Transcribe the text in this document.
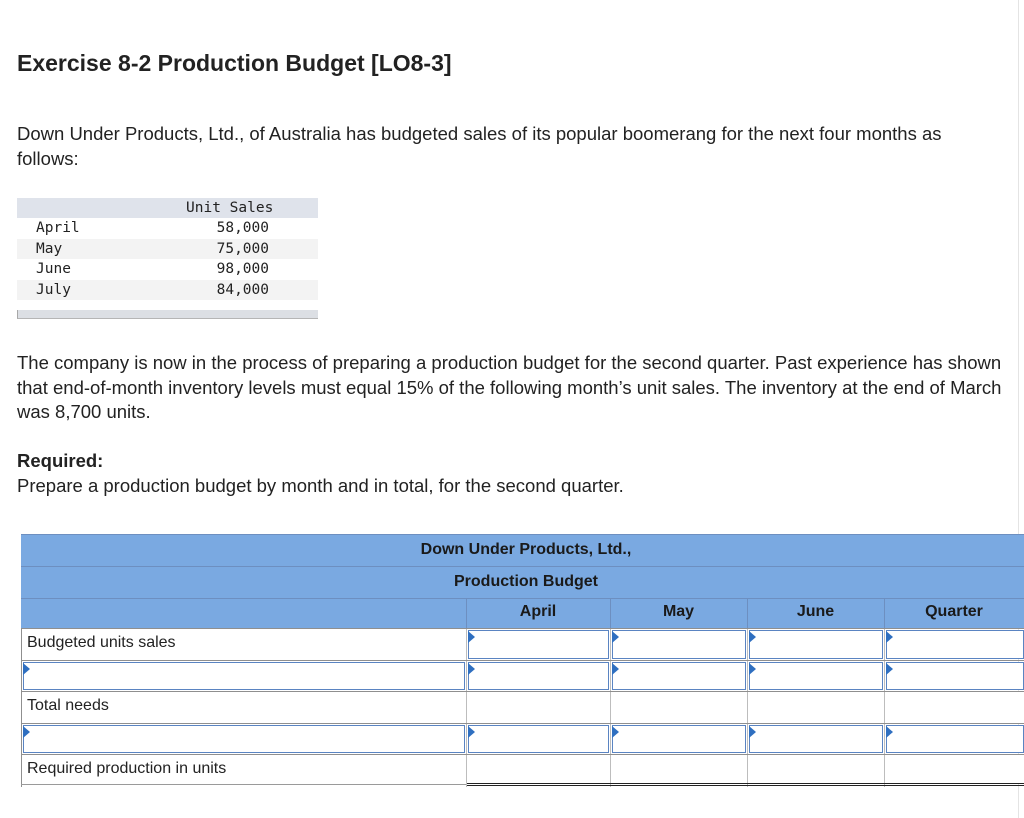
Exercise 8-2 Production Budget [LO8-3]

Down Under Products, Ltd., of Australia has budgeted sales of its popular boomerang for the next four months as follows:

Unit Sales
April	58,000
May	75,000
June	98,000
July	84,000

The company is now in the process of preparing a production budget for the second quarter. Past experience has shown that end-of-month inventory levels must equal 15% of the following month’s unit sales. The inventory at the end of March was 8,700 units.

Required:

Prepare a production budget by month and in total, for the second quarter.

Down Under Products, Ltd.,
Production Budget
April	May	June	Quarter
Budgeted units sales
Total needs
Required production in units
